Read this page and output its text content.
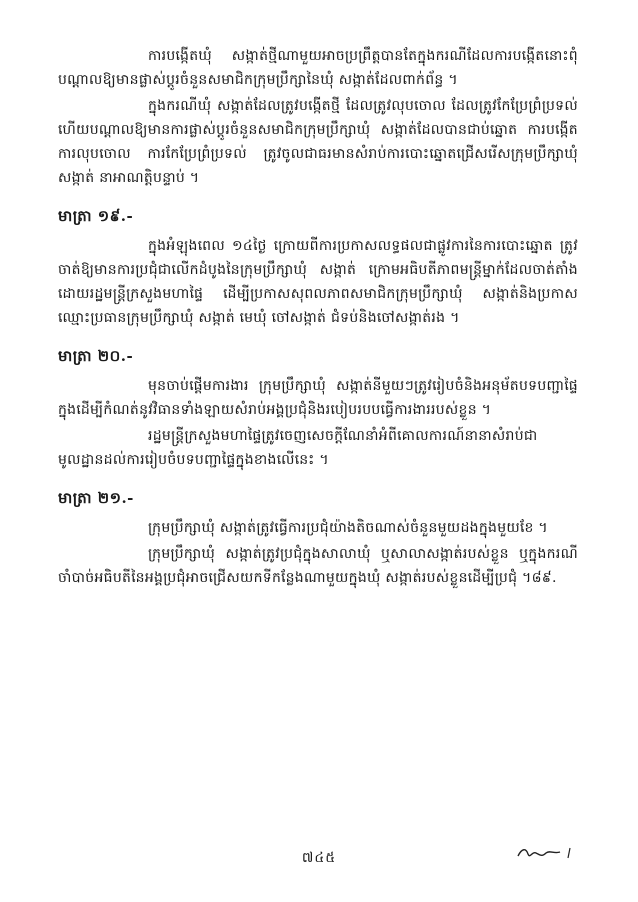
ការបង្កើតឃុំ សង្កាត់ថ្មីណាមួយអាចប្រព្រឹត្តបានតែក្នុងករណីដែលការបង្កើតនោះពុំបណ្ដាលឱ្យមានផ្លាស់ប្ដូរចំនួនសមាជិកក្រុមប្រឹក្សានៃឃុំ សង្កាត់ដែលពាក់ព័ន្ធ ។

ក្នុងករណីឃុំ សង្កាត់ដែលត្រូវបង្កើតថ្មី ដែលត្រូវលុបចោល ដែលត្រូវកែប្រែព្រំប្រទល់ ហើយបណ្ដាលឱ្យមានការផ្លាស់ប្ដូរចំនួនសមាជិកក្រុមប្រឹក្សាឃុំ សង្កាត់ដែលបានជាប់ឆ្នោត ការបង្កើត ការលុបចោល ការកែប្រែព្រំប្រទល់ ត្រូវចូលជាធរមានសំរាប់ការបោះឆ្នោតជ្រើសរើសក្រុមប្រឹក្សាឃុំ សង្កាត់ នាអាណត្តិបន្ទាប់ ។

មាត្រា ១៩.-

ក្នុងអំឡុងពេល ១៤ថ្ងៃ ក្រោយពីការប្រកាសលទ្ធផលជាផ្លូវការនៃការបោះឆ្នោត ត្រូវចាត់ឱ្យមានការប្រជុំជាលើកដំបូងនៃក្រុមប្រឹក្សាឃុំ សង្កាត់ ក្រោមអធិបតីភាពមន្ត្រីម្នាក់ដែលចាត់តាំងដោយរដ្ឋមន្ត្រីក្រសួងមហាផ្ទៃ ដើម្បីប្រកាសសុពលភាពសមាជិកក្រុមប្រឹក្សាឃុំ សង្កាត់និងប្រកាសឈ្មោះប្រធានក្រុមប្រឹក្សាឃុំ សង្កាត់ មេឃុំ ចៅសង្កាត់ ជំទប់និងចៅសង្កាត់រង ។

មាត្រា ២០.-

មុនចាប់ផ្ដើមការងារ ក្រុមប្រឹក្សាឃុំ សង្កាត់នីមួយៗត្រូវរៀបចំនិងអនុម័តបទបញ្ជាផ្ទៃក្នុងដើម្បីកំណត់នូវវិធានទាំងឡាយសំរាប់អង្គប្រជុំនិងរបៀបរបបធ្វើការងាររបស់ខ្លួន ។

រដ្ឋមន្ត្រីក្រសួងមហាផ្ទៃត្រូវចេញសេចក្ដីណែនាំអំពីគោលការណ៍នានាសំរាប់ជាមូលដ្ឋានដល់ការរៀបចំបទបញ្ជាផ្ទៃក្នុងខាងលើនេះ ។

មាត្រា ២១.-

ក្រុមប្រឹក្សាឃុំ សង្កាត់ត្រូវធ្វើការប្រជុំយ៉ាងតិចណាស់ចំនួនមួយដងក្នុងមួយខែ ។

ក្រុមប្រឹក្សាឃុំ សង្កាត់ត្រូវប្រជុំក្នុងសាលាឃុំ ឬសាលាសង្កាត់របស់ខ្លួន ឬក្នុងករណីចាំបាច់អធិបតីនៃអង្គប្រជុំអាចជ្រើសយកទីកន្លែងណាមួយក្នុងឃុំ សង្កាត់របស់ខ្លួនដើម្បីប្រជុំ ។៨៩.

៧៤៥
